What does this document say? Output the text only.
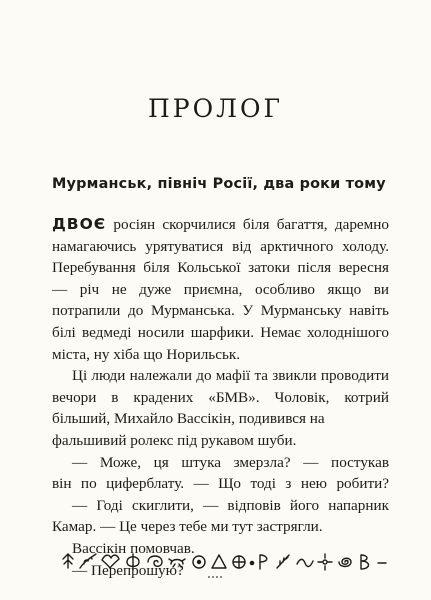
ПРОЛОГ
Мурманськ, північ Росії, два роки тому

ДВОЄ росіян скорчилися біля багаття, даремно
намагаючись урятуватися від арктичного холоду.
Перебування біля Кольської затоки після вересня — річ не дуже приємна, особливо якщо ви
потрапили до Мурманська. У Мурманську навіть
білі ведмеді носили шарфики. Немає холоднішого
міста, ну хіба що Норильськ.

Ці люди належали до мафії та звикли проводити вечори в крадених «БМВ». Чоловік, котрий більший, Михайло Вассікін, подивився на

фальшивий ролекс під рукавом шуби.

— Може, ця штука змерзла? — постукав
він по циферблату. — Що тоді з нею робити?

— Годі скиглити, — відповів його напарник
Камар. — Це через тебе ми тут застрягли.

Вассікін помовчав.

— Перепрошую?
